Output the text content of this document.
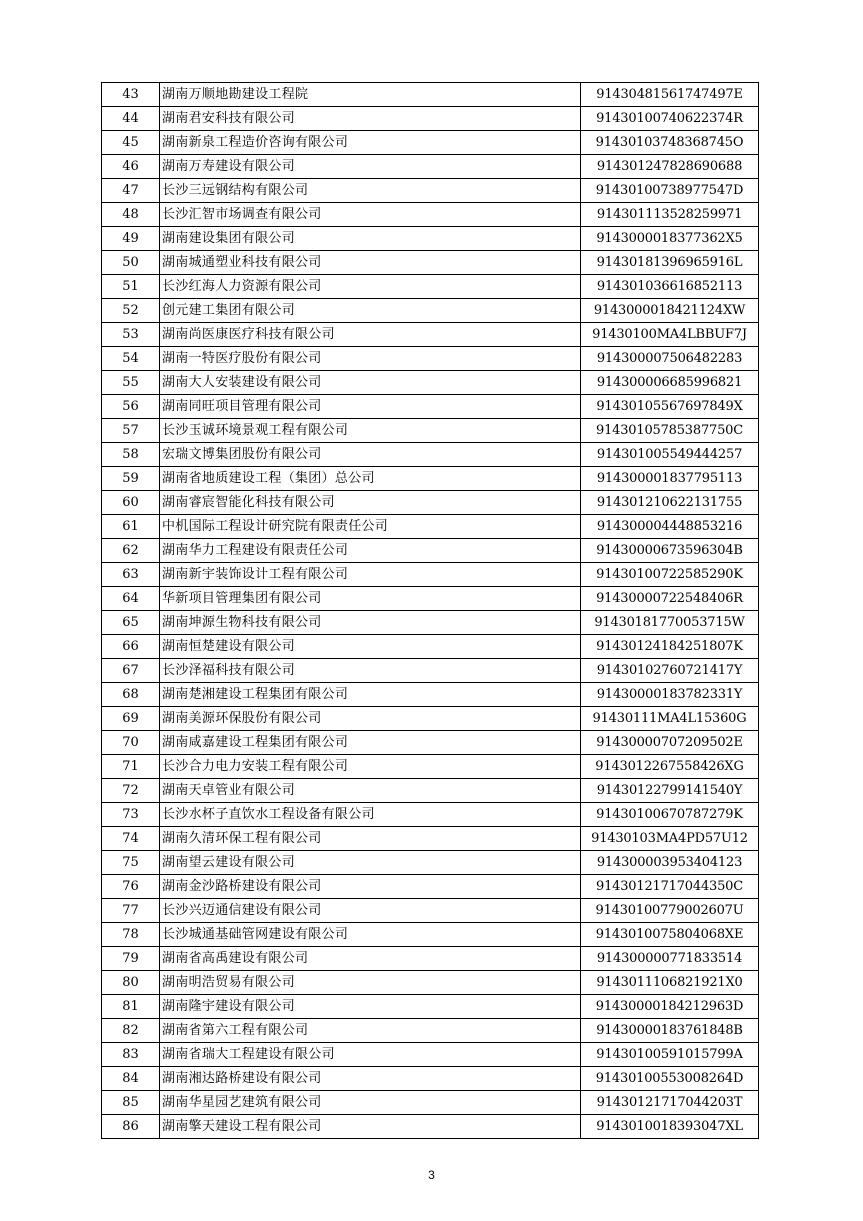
43	湖南万顺地勘建设工程院	91430481561747497E
44	湖南君安科技有限公司	91430100740622374R
45	湖南新泉工程造价咨询有限公司	91430103748368745O
46	湖南万寿建设有限公司	914301247828690688
47	长沙三远钢结构有限公司	91430100738977547D
48	长沙汇智市场调查有限公司	914301113528259971
49	湖南建设集团有限公司	9143000018377362X5
50	湖南城通塑业科技有限公司	91430181396965916L
51	长沙红海人力资源有限公司	914301036616852113
52	创元建工集团有限公司	9143000018421124XW
53	湖南尚医康医疗科技有限公司	91430100MA4LBBUF7J
54	湖南一特医疗股份有限公司	914300007506482283
55	湖南大人安装建设有限公司	914300006685996821
56	湖南同旺项目管理有限公司	91430105567697849X
57	长沙玉诚环境景观工程有限公司	91430105785387750C
58	宏瑞文博集团股份有限公司	914301005549444257
59	湖南省地质建设工程（集团）总公司	914300001837795113
60	湖南睿宸智能化科技有限公司	914301210622131755
61	中机国际工程设计研究院有限责任公司	914300004448853216
62	湖南华力工程建设有限责任公司	91430000673596304B
63	湖南新宇装饰设计工程有限公司	91430100722585290K
64	华新项目管理集团有限公司	91430000722548406R
65	湖南坤源生物科技有限公司	91430181770053715W
66	湖南恒楚建设有限公司	91430124184251807K
67	长沙泽福科技有限公司	91430102760721417Y
68	湖南楚湘建设工程集团有限公司	91430000183782331Y
69	湖南美源环保股份有限公司	91430111MA4L15360G
70	湖南咸嘉建设工程集团有限公司	91430000707209502E
71	长沙合力电力安装工程有限公司	9143012267558426XG
72	湖南天卓管业有限公司	91430122799141540Y
73	长沙水杯子直饮水工程设备有限公司	91430100670787279K
74	湖南久清环保工程有限公司	91430103MA4PD57U12
75	湖南望云建设有限公司	914300003953404123
76	湖南金沙路桥建设有限公司	91430121717044350C
77	长沙兴迈通信建设有限公司	91430100779002607U
78	长沙城通基础管网建设有限公司	9143010075804068XE
79	湖南省高禹建设有限公司	914300000771833514
80	湖南明浩贸易有限公司	9143011106821921X0
81	湖南隆宇建设有限公司	91430000184212963D
82	湖南省第六工程有限公司	91430000183761848B
83	湖南省瑞大工程建设有限公司	91430100591015799A
84	湖南湘达路桥建设有限公司	91430100553008264D
85	湖南华星园艺建筑有限公司	91430121717044203T
86	湖南擎天建设工程有限公司	9143010018393047XL
3
